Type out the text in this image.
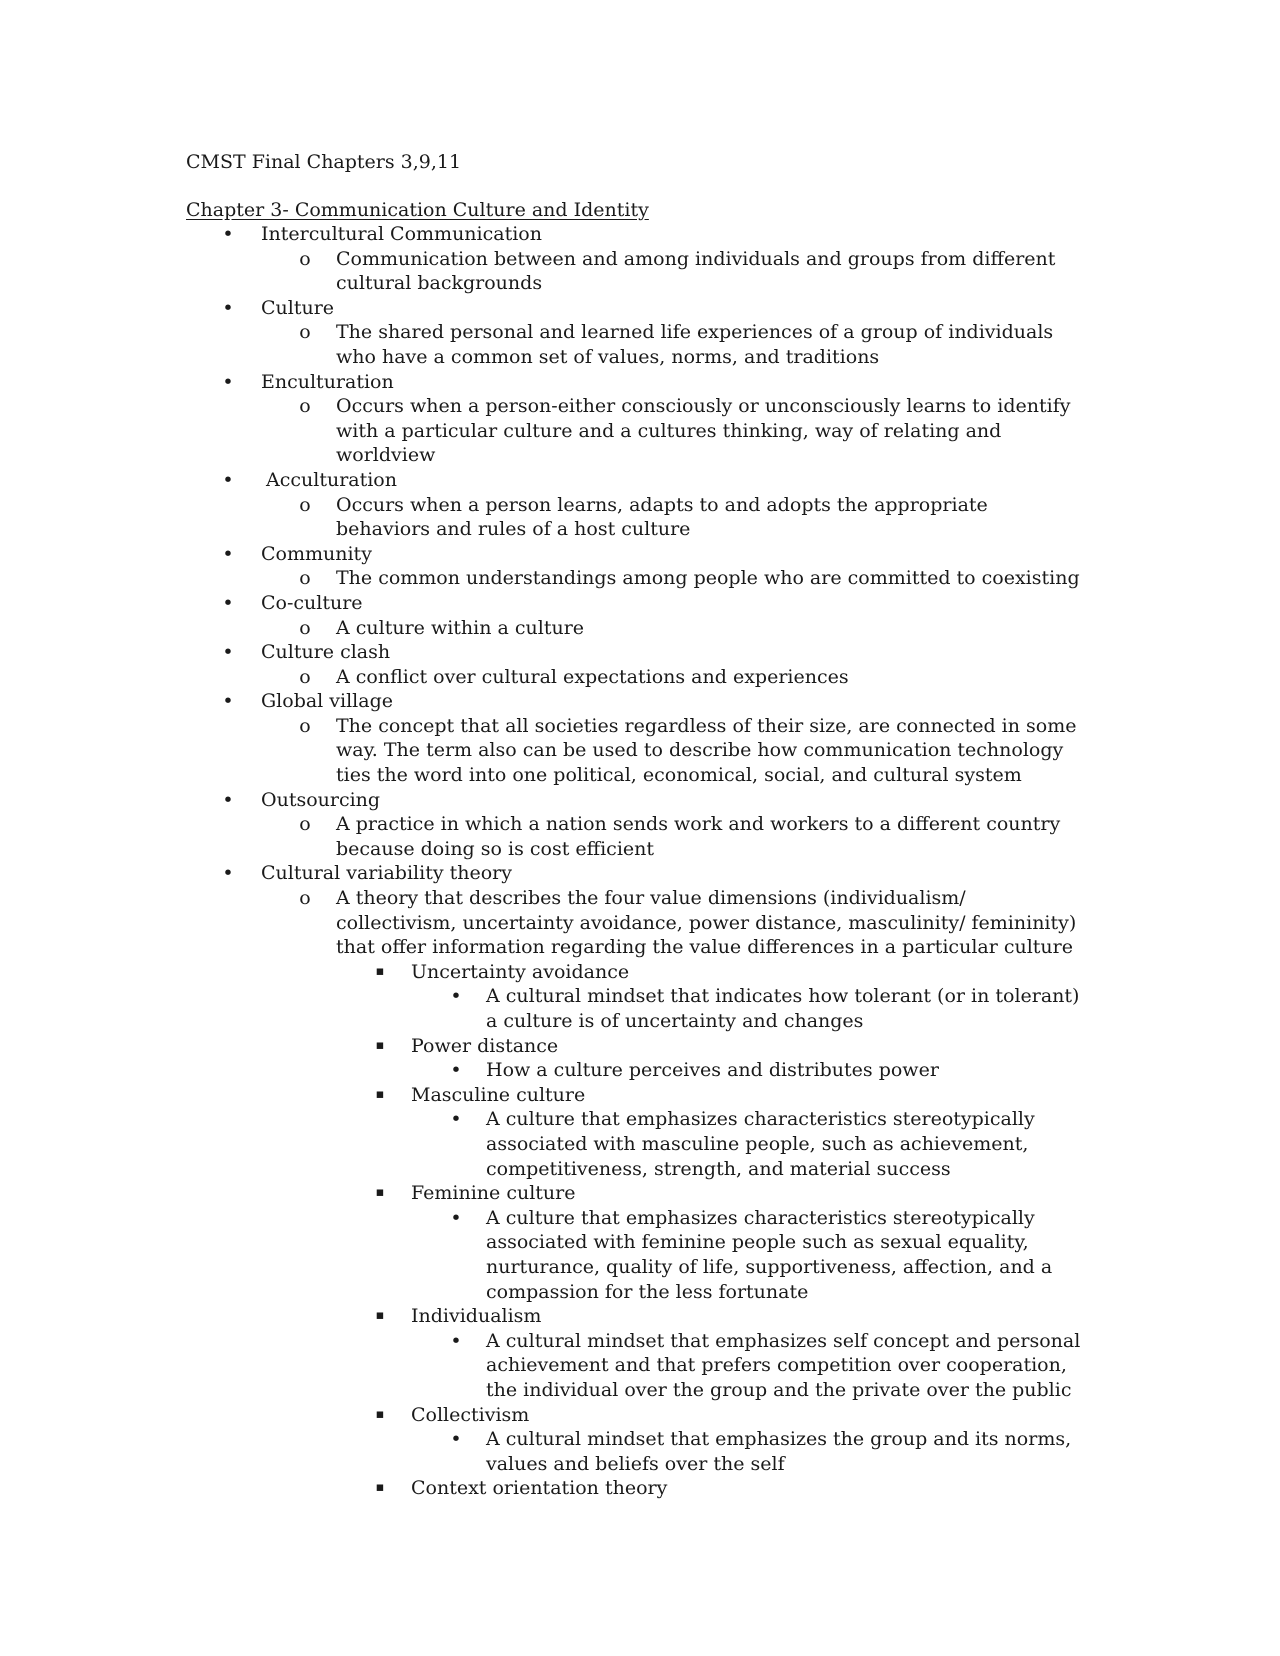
CMST Final Chapters 3,9,11
Chapter 3- Communication Culture and Identity
• Intercultural Communication
o Communication between and among individuals and groups from different cultural backgrounds
• Culture
o The shared personal and learned life experiences of a group of individuals who have a common set of values, norms, and traditions
• Enculturation
o Occurs when a person-either consciously or unconsciously learns to identify with a particular culture and a cultures thinking, way of relating and worldview
• Acculturation
o Occurs when a person learns, adapts to and adopts the appropriate behaviors and rules of a host culture
• Community
o The common understandings among people who are committed to coexisting
• Co-culture
o A culture within a culture
• Culture clash
o A conflict over cultural expectations and experiences
• Global village
o The concept that all societies regardless of their size, are connected in some way. The term also can be used to describe how communication technology ties the word into one political, economical, social, and cultural system
• Outsourcing
o A practice in which a nation sends work and workers to a different country because doing so is cost efficient
• Cultural variability theory
o A theory that describes the four value dimensions (individualism/ collectivism, uncertainty avoidance, power distance, masculinity/ femininity) that offer information regarding the value differences in a particular culture
▪ Uncertainty avoidance
• A cultural mindset that indicates how tolerant (or in tolerant) a culture is of uncertainty and changes
▪ Power distance
• How a culture perceives and distributes power
▪ Masculine culture
• A culture that emphasizes characteristics stereotypically associated with masculine people, such as achievement, competitiveness, strength, and material success
▪ Feminine culture
• A culture that emphasizes characteristics stereotypically associated with feminine people such as sexual equality, nurturance, quality of life, supportiveness, affection, and a compassion for the less fortunate
▪ Individualism
• A cultural mindset that emphasizes self concept and personal achievement and that prefers competition over cooperation, the individual over the group and the private over the public
▪ Collectivism
• A cultural mindset that emphasizes the group and its norms, values and beliefs over the self
▪ Context orientation theory
